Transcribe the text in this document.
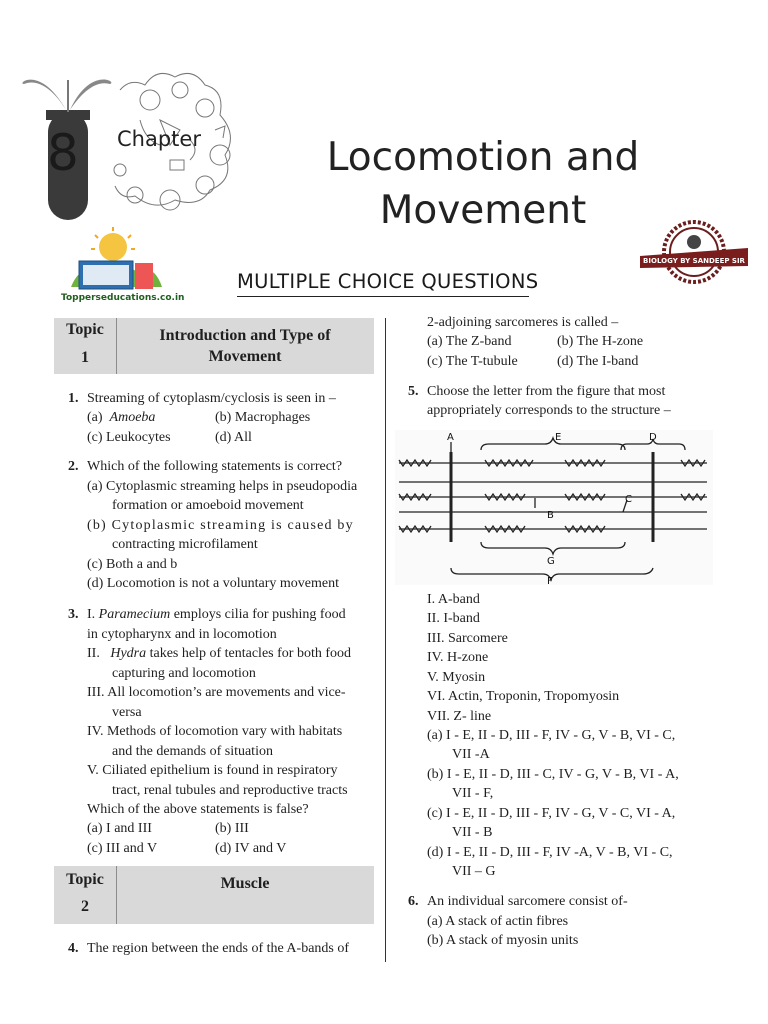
8 Chapter	Locomotion and
Movement
Topperseducations.co.in
BIOLOGY BY SANDEEP SIR
MULTIPLE CHOICE QUESTIONS
Topic
1
Introduction and Type of
Movement
1. Streaming of cytoplasm/cyclosis is seen in –
(a) Amoeba	(b) Macrophages
(c) Leukocytes	(d) All
2. Which of the following statements is correct?
(a) Cytoplasmic streaming helps in pseudopodia
formation or amoeboid movement
(b) Cytoplasmic streaming is caused by
contracting microfilament
(c) Both a and b
(d) Locomotion is not a voluntary movement
3. I. Paramecium employs cilia for pushing food
in cytopharynx and in locomotion
II. Hydra takes help of tentacles for both food
capturing and locomotion
III. All locomotion’s are movements and vice-
versa
IV. Methods of locomotion vary with habitats
and the demands of situation
V. Ciliated epithelium is found in respiratory
tract, renal tubules and reproductive tracts
Which of the above statements is false?
(a) I and III	(b) III
(c) III and V	(d) IV and V
Topic
2
Muscle
4. The region between the ends of the A-bands of
2-adjoining sarcomeres is called –
(a) The Z-band	(b) The H-zone
(c) The T-tubule	(d) The I-band
5. Choose the letter from the figure that most
appropriately corresponds to the structure –
A	E	D
B
C
G
F
I. A-band
II. I-band
III. Sarcomere
IV. H-zone
V. Myosin
VI. Actin, Troponin, Tropomyosin
VII. Z- line
(a) I - E, II - D, III - F, IV - G, V - B, VI - C,
VII -A
(b) I - E, II - D, III - C, IV - G, V - B, VI - A,
VII - F,
(c) I - E, II - D, III - F, IV - G, V - C, VI - A,
VII - B
(d) I - E, II - D, III - F, IV -A, V - B, VI - C,
VII – G
6. An individual sarcomere consist of-
(a) A stack of actin fibres
(b) A stack of myosin units
